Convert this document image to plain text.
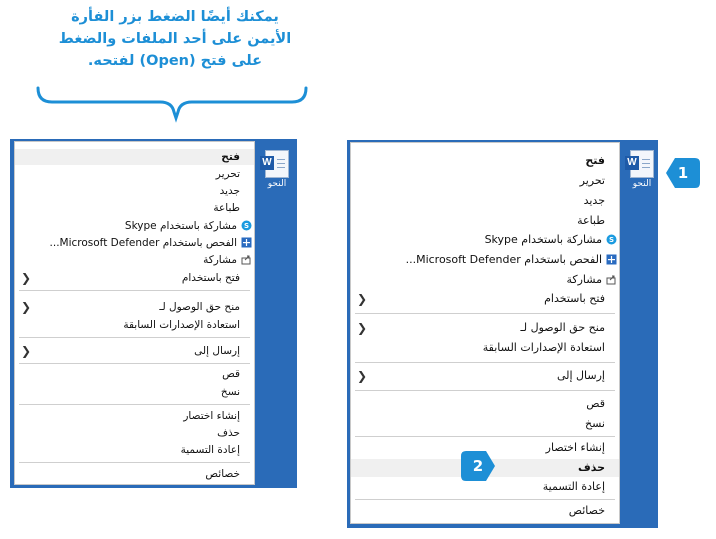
يمكنك أيضًا الضغط بزر الفأرة
الأيمن على أحد الملفات والضغط
على فتح (Open) لفتحه.
W
النحو
فتح
تحرير
جديد
طباعة
S
مشاركة باستخدام Skype
الفحص باستخدام Microsoft Defender...
مشاركة
فتح باستخدام
❮
منح حق الوصول لـ
❮
استعادة الإصدارات السابقة
إرسال إلى
❮
قص
نسخ
إنشاء اختصار
حذف
إعادة التسمية
خصائص
W
النحو
فتح
تحرير
جديد
طباعة
S
مشاركة باستخدام Skype
الفحص باستخدام Microsoft Defender...
مشاركة
فتح باستخدام
❮
منح حق الوصول لـ
❮
استعادة الإصدارات السابقة
إرسال إلى
❮
قص
نسخ
إنشاء اختصار
حذف
إعادة التسمية
خصائص
1
2
